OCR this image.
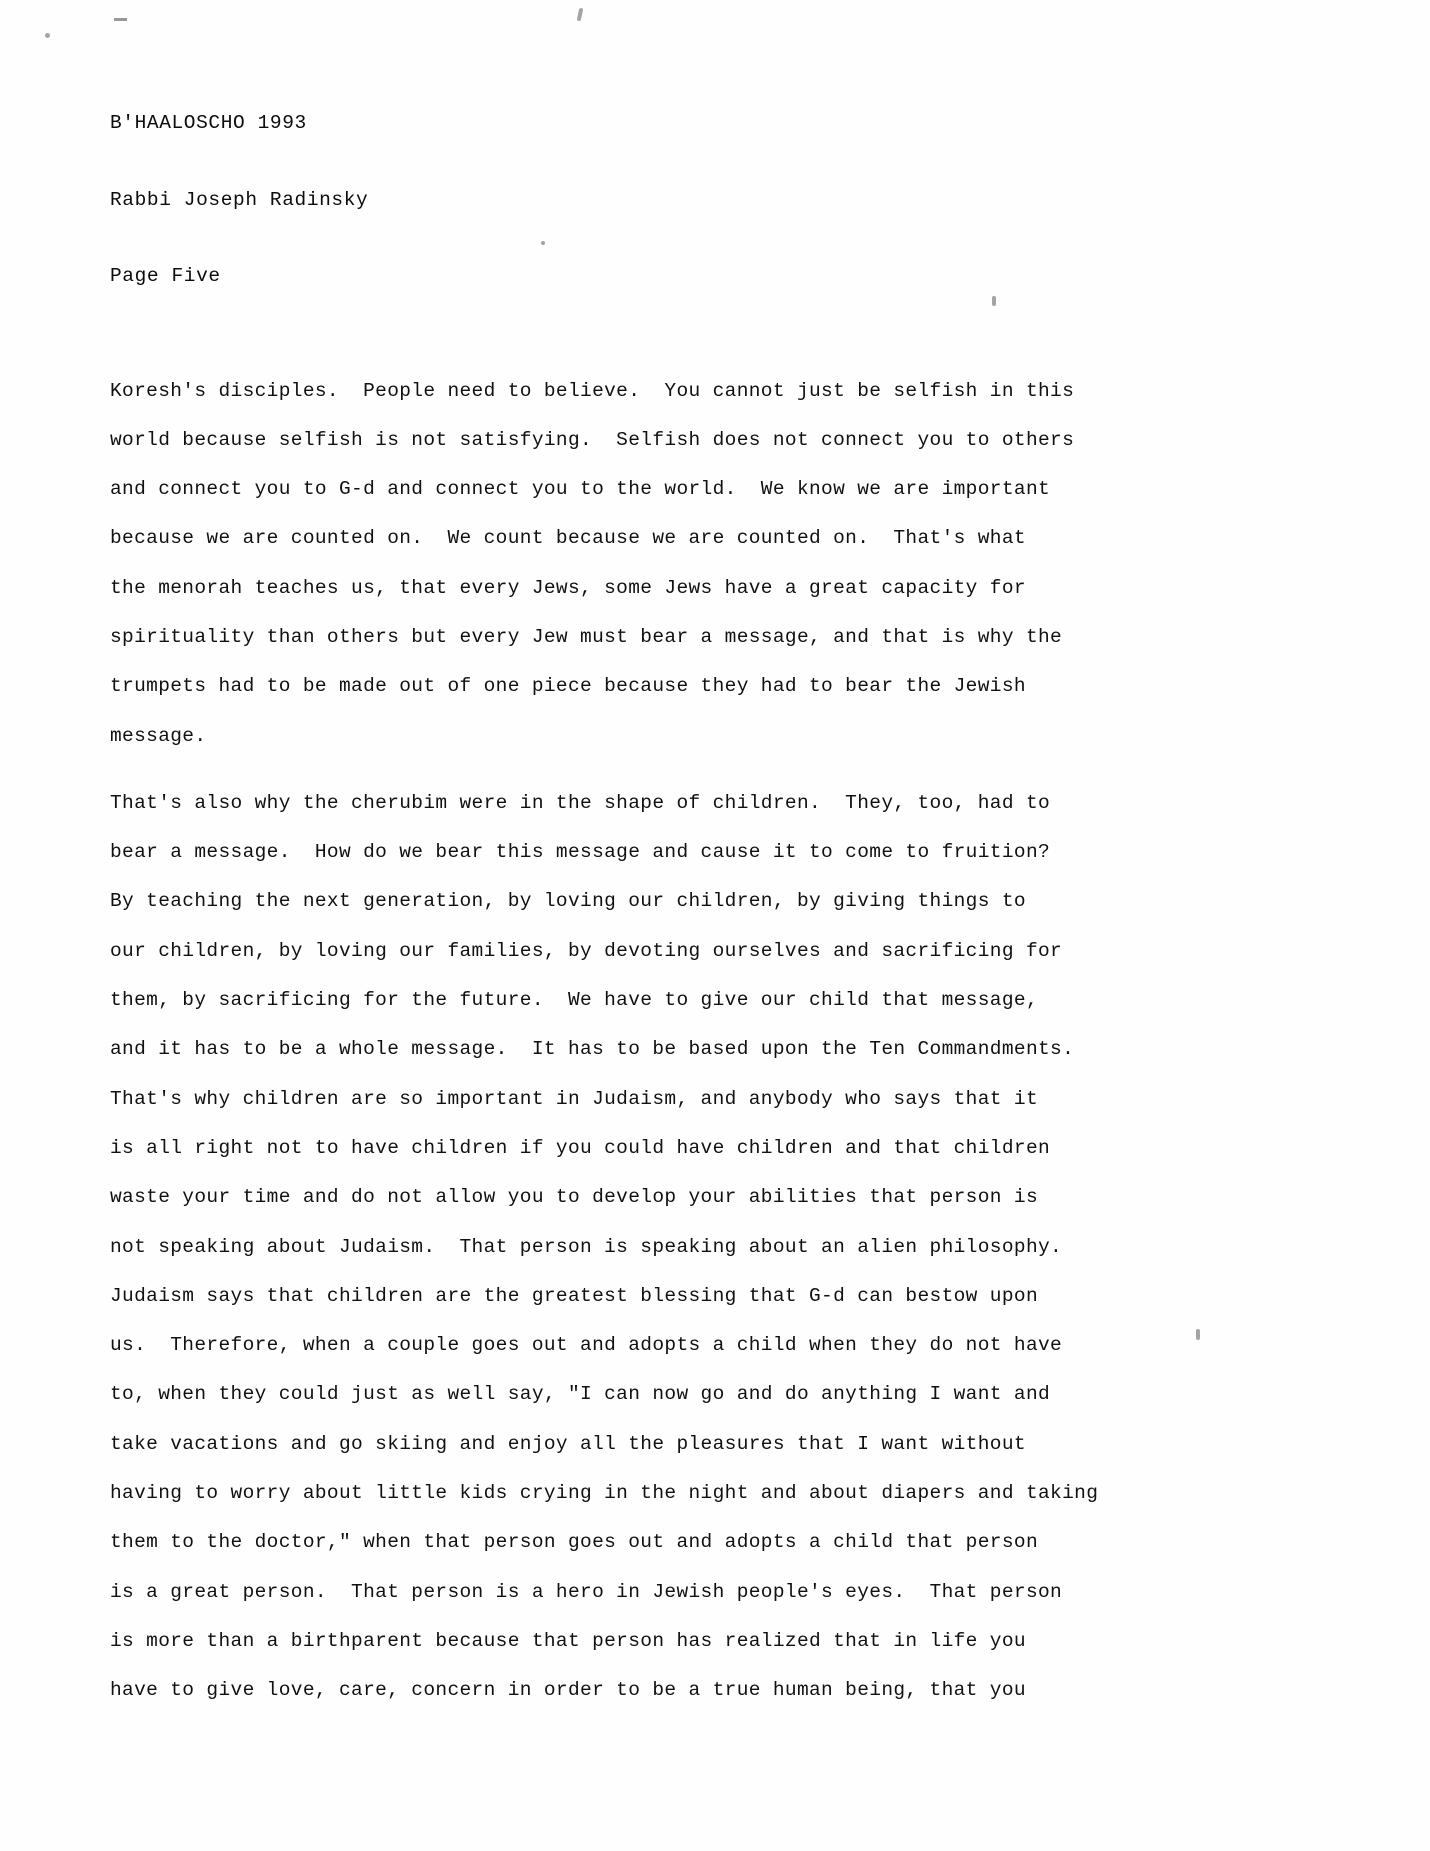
B'HAALOSCHO 1993

Rabbi Joseph Radinsky

Page Five

Koresh's disciples.  People need to believe.  You cannot just be selfish in this
world because selfish is not satisfying.  Selfish does not connect you to others
and connect you to G-d and connect you to the world.  We know we are important
because we are counted on.  We count because we are counted on.  That's what
the menorah teaches us, that every Jews, some Jews have a great capacity for
spirituality than others but every Jew must bear a message, and that is why the
trumpets had to be made out of one piece because they had to bear the Jewish
message.

That's also why the cherubim were in the shape of children.  They, too, had to
bear a message.  How do we bear this message and cause it to come to fruition?
By teaching the next generation, by loving our children, by giving things to
our children, by loving our families, by devoting ourselves and sacrificing for
them, by sacrificing for the future.  We have to give our child that message,
and it has to be a whole message.  It has to be based upon the Ten Commandments.
That's why children are so important in Judaism, and anybody who says that it
is all right not to have children if you could have children and that children
waste your time and do not allow you to develop your abilities that person is
not speaking about Judaism.  That person is speaking about an alien philosophy.
Judaism says that children are the greatest blessing that G-d can bestow upon
us.  Therefore, when a couple goes out and adopts a child when they do not have
to, when they could just as well say, "I can now go and do anything I want and
take vacations and go skiing and enjoy all the pleasures that I want without
having to worry about little kids crying in the night and about diapers and taking
them to the doctor," when that person goes out and adopts a child that person
is a great person.  That person is a hero in Jewish people's eyes.  That person
is more than a birthparent because that person has realized that in life you
have to give love, care, concern in order to be a true human being, that you
